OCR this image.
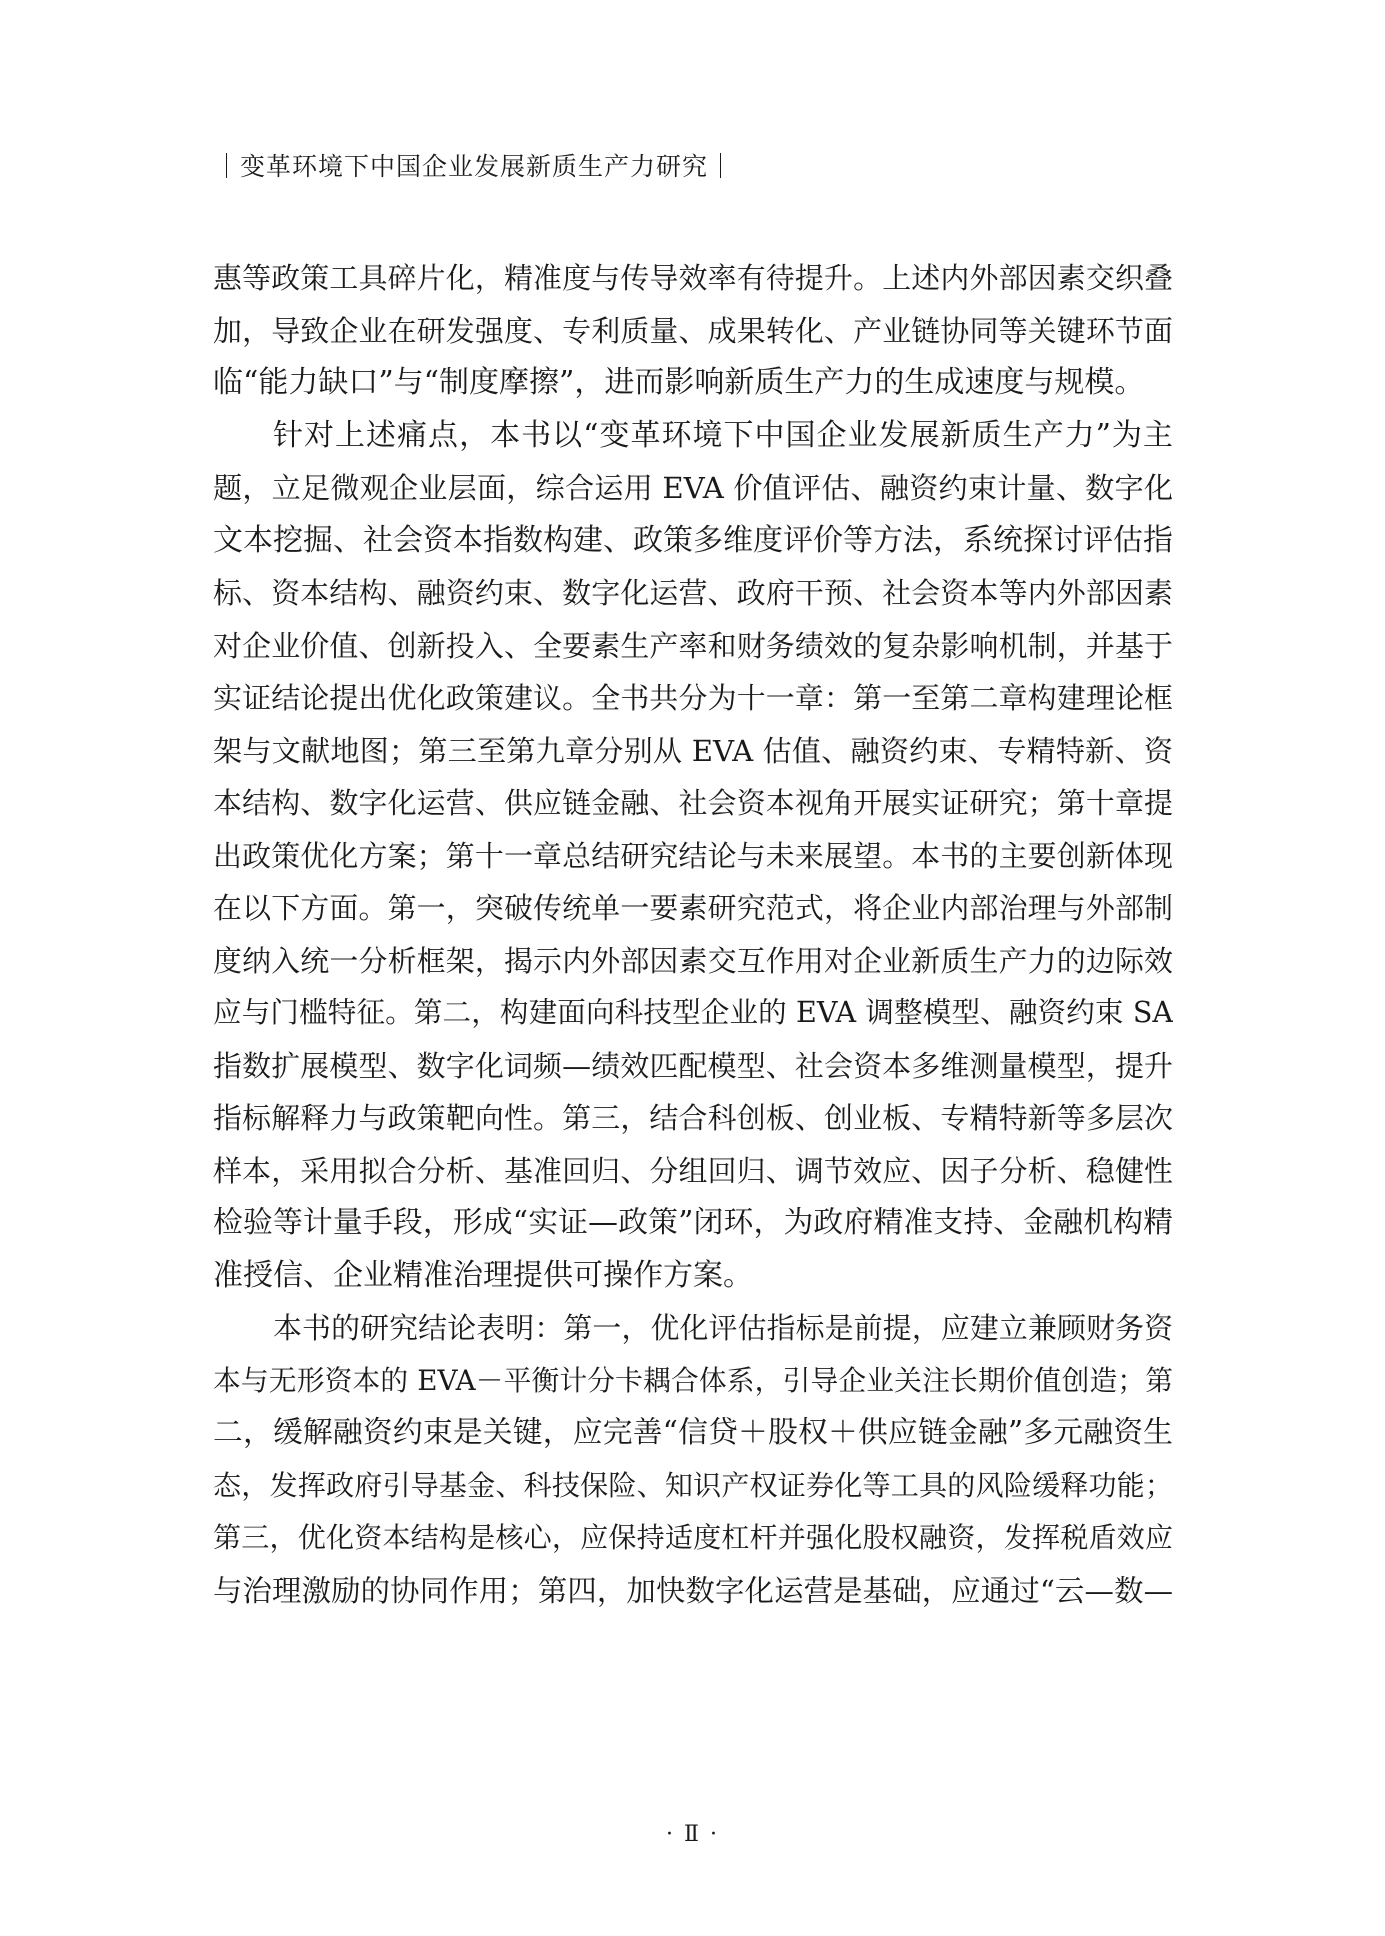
｜变革环境下中国企业发展新质生产力研究｜
惠等政策工具碎片化，精准度与传导效率有待提升。上述内外部因素交织叠
加，导致企业在研发强度、专利质量、成果转化、产业链协同等关键环节面
临“能力缺口”与“制度摩擦”，进而影响新质生产力的生成速度与规模。
针对上述痛点，本书以“变革环境下中国企业发展新质生产力”为主
题，立足微观企业层面，综合运用 EVA 价值评估、融资约束计量、数字化
文本挖掘、社会资本指数构建、政策多维度评价等方法，系统探讨评估指
标、资本结构、融资约束、数字化运营、政府干预、社会资本等内外部因素
对企业价值、创新投入、全要素生产率和财务绩效的复杂影响机制，并基于
实证结论提出优化政策建议。全书共分为十一章：第一至第二章构建理论框
架与文献地图；第三至第九章分别从 EVA 估值、融资约束、专精特新、资
本结构、数字化运营、供应链金融、社会资本视角开展实证研究；第十章提
出政策优化方案；第十一章总结研究结论与未来展望。本书的主要创新体现
在以下方面。第一，突破传统单一要素研究范式，将企业内部治理与外部制
度纳入统一分析框架，揭示内外部因素交互作用对企业新质生产力的边际效
应与门槛特征。第二，构建面向科技型企业的 EVA 调整模型、融资约束 SA
指数扩展模型、数字化词频—绩效匹配模型、社会资本多维测量模型，提升
指标解释力与政策靶向性。第三，结合科创板、创业板、专精特新等多层次
样本，采用拟合分析、基准回归、分组回归、调节效应、因子分析、稳健性
检验等计量手段，形成“实证—政策”闭环，为政府精准支持、金融机构精
准授信、企业精准治理提供可操作方案。
本书的研究结论表明：第一，优化评估指标是前提，应建立兼顾财务资
本与无形资本的 EVA－平衡计分卡耦合体系，引导企业关注长期价值创造；第
二，缓解融资约束是关键，应完善“信贷＋股权＋供应链金融”多元融资生
态，发挥政府引导基金、科技保险、知识产权证券化等工具的风险缓释功能；
第三，优化资本结构是核心，应保持适度杠杆并强化股权融资，发挥税盾效应
与治理激励的协同作用；第四，加快数字化运营是基础，应通过“云—数—
· Ⅱ ·
